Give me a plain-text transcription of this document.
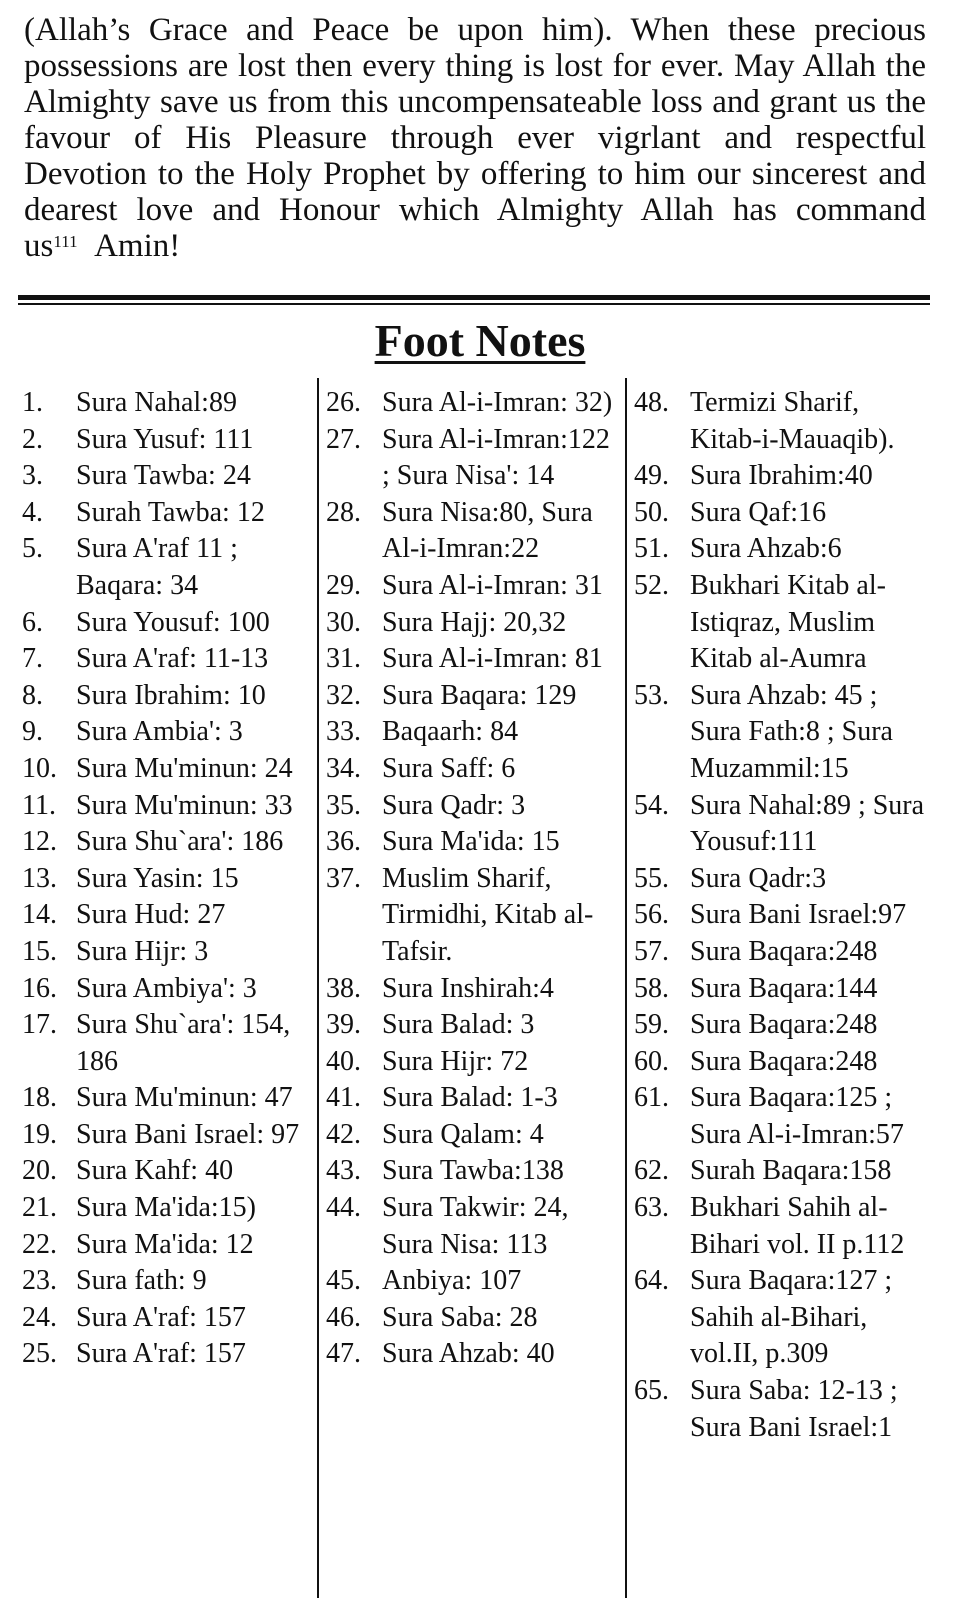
(Allah’s Grace and Peace be upon him). When these precious possessions are lost then every thing is lost for ever. May Allah the Almighty save us from this uncompensateable loss and grant us the favour of His Pleasure through ever vigrlant and respectful Devotion to the Holy Prophet by offering to him our sincerest and dearest love and Honour which Almighty Allah has command $us^{111}$ Amin!
Foot Notes
1.	Sura Nahal:89
2.	Sura Yusuf: 111
3.	Sura Tawba: 24
4.	Surah Tawba: 12
5.	Sura A'raf 11 ; Baqara: 34
6.	Sura Yousuf: 100
7.	Sura A'raf: 11-13
8.	Sura Ibrahim: 10
9.	Sura Ambia': 3
10. Sura Mu'minun: 24
11. Sura Mu'minun: 33
12. Sura Shu`ara': 186
13. Sura Yasin: 15
14. Sura Hud: 27
15. Sura Hijr: 3
16. Sura Ambiya': 3
17. Sura Shu`ara': 154, 186
18. Sura Mu'minun: 47
19. Sura Bani Israel: 97
20. Sura Kahf: 40
21. Sura Ma'ida:15)
22. Sura Ma'ida: 12
23. Sura fath: 9
24. Sura A'raf: 157
25. Sura A'raf: 157
26. Sura Al-i-Imran: 32)
27. Sura Al-i-Imran:122 ; Sura Nisa': 14
28. Sura Nisa:80, Sura Al-i-Imran:22
29. Sura Al-i-Imran: 31
30. Sura Hajj: 20,32
31. Sura Al-i-Imran: 81
32. Sura Baqara: 129
33. Baqaarh: 84
34. Sura Saff: 6
35. Sura Qadr: 3
36. Sura Ma'ida: 15
37. Muslim Sharif, Tirmidhi, Kitab al-Tafsir.
38. Sura Inshirah:4
39. Sura Balad: 3
40. Sura Hijr: 72
41. Sura Balad: 1-3
42. Sura Qalam: 4
43. Sura Tawba:138
44. Sura Takwir: 24, Sura Nisa: 113
45. Anbiya: 107
46. Sura Saba: 28
47. Sura Ahzab: 40
48. Termizi Sharif, Kitab-i-Mauaqib).
49. Sura Ibrahim:40
50. Sura Qaf:16
51. Sura Ahzab:6
52. Bukhari Kitab al-Istiqraz, Muslim Kitab al-Aumra
53. Sura Ahzab: 45 ; Sura Fath:8 ; Sura Muzammil:15
54. Sura Nahal:89 ; Sura Yousuf:111
55. Sura Qadr:3
56. Sura Bani Israel:97
57. Sura Baqara:248
58. Sura Baqara:144
59. Sura Baqara:248
60. Sura Baqara:248
61. Sura Baqara:125 ; Sura Al-i-Imran:57
62. Surah Baqara:158
63. Bukhari Sahih al-Bihari vol. II p.112
64. Sura Baqara:127 ; Sahih al-Bihari, vol.II, p.309
65. Sura Saba: 12-13 ; Sura Bani Israel:1
